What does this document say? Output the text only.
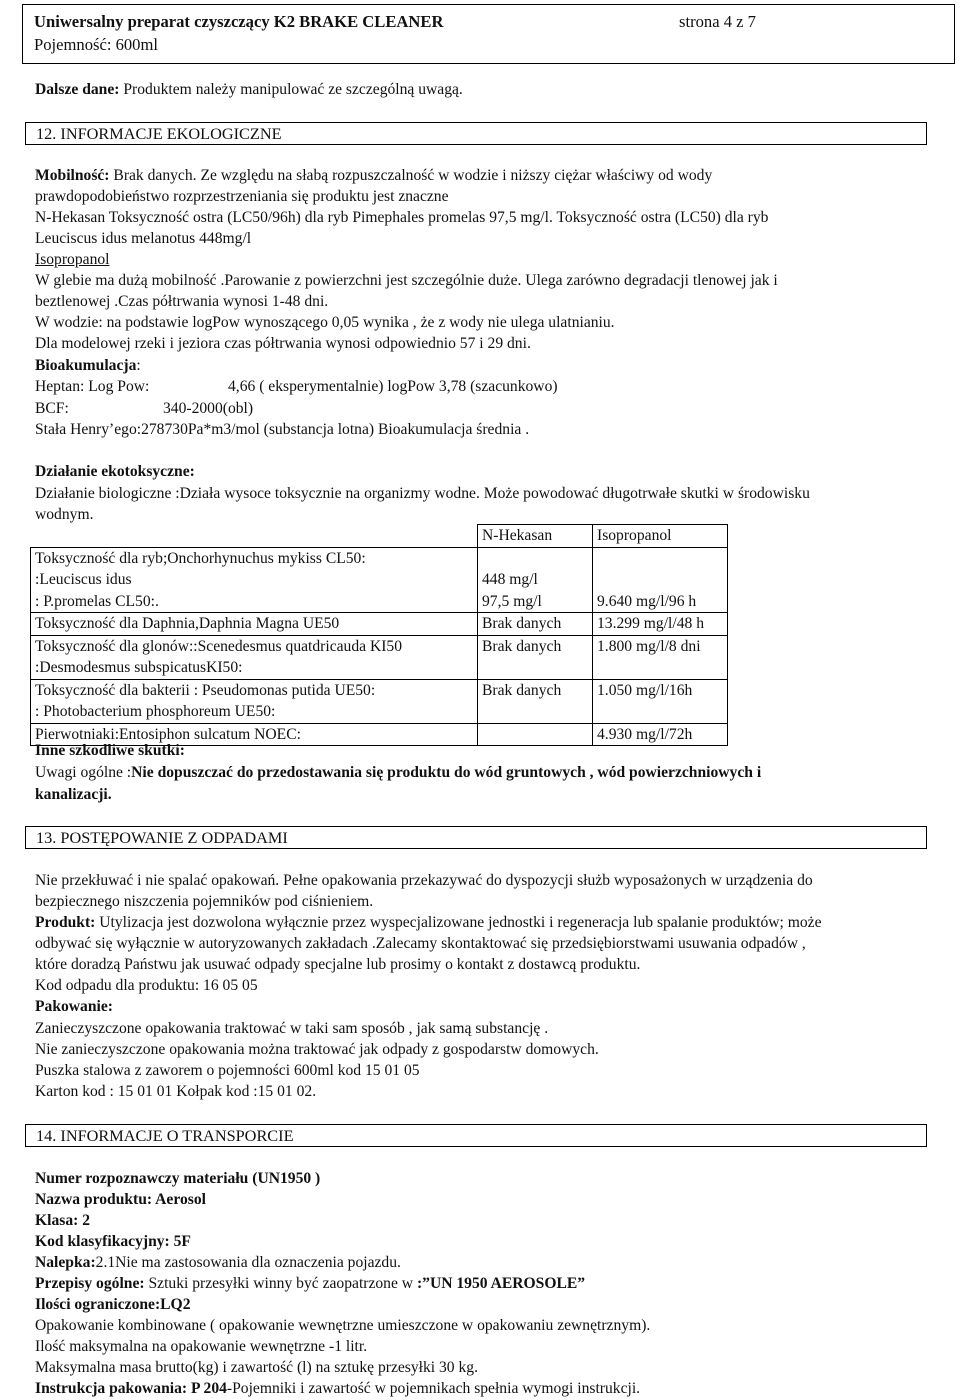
Uniwersalny preparat czyszczący K2 BRAKE CLEANER	strona 4 z 7
Pojemność: 600ml
Dalsze dane: Produktem należy manipulować ze szczególną uwagą.
12. INFORMACJE EKOLOGICZNE
Mobilność: Brak danych. Ze względu na słabą rozpuszczalność w wodzie i niższy ciężar właściwy od wody
prawdopodobieństwo rozprzestrzeniania się produktu jest znaczne
N-Hekasan Toksyczność ostra (LC50/96h) dla ryb Pimephales promelas 97,5 mg/l. Toksyczność ostra (LC50) dla ryb
Leuciscus idus melanotus 448mg/l
Isopropanol
W glebie ma dużą mobilność .Parowanie z powierzchni jest szczególnie duże. Ulega zarówno degradacji tlenowej jak i
beztlenowej .Czas półtrwania wynosi 1-48 dni.
W wodzie: na podstawie logPow wynoszącego 0,05 wynika , że z wody nie ulega ulatnianiu.
Dla modelowej rzeki i jeziora czas półtrwania wynosi odpowiednio 57 i 29 dni.
Bioakumulacja:
Heptan: Log Pow:	4,66 ( eksperymentalnie) logPow 3,78 (szacunkowo)
BCF:	340-2000(obl)
Stała Henry’ego:278730Pa*m3/mol (substancja lotna) Bioakumulacja średnia .
Działanie ekotoksyczne:
Działanie biologiczne :Działa wysoce toksycznie na organizmy wodne. Może powodować długotrwałe skutki w środowisku
wodnym.
	N-Hekasan	Isopropanol
Toksyczność dla ryb;Onchorhynuchus mykiss CL50:		
:Leuciscus idus	448 mg/l	
: P.promelas CL50:.	97,5 mg/l	9.640 mg/l/96 h
Toksyczność dla Daphnia,Daphnia Magna UE50	Brak danych	13.299 mg/l/48 h
Toksyczność dla glonów::Scenedesmus quatdricauda KI50	Brak danych	1.800 mg/l/8 dni
:Desmodesmus subspicatusKI50:		
Toksyczność dla bakterii : Pseudomonas putida UE50:	Brak danych	1.050 mg/l/16h
: Photobacterium phosphoreum UE50:		
Pierwotniaki:Entosiphon sulcatum NOEC:		4.930 mg/l/72h
Inne szkodliwe skutki:
Uwagi ogólne :Nie dopuszczać do przedostawania się produktu do wód gruntowych , wód powierzchniowych i
kanalizacji.
13. POSTĘPOWANIE Z ODPADAMI
Nie przekłuwać i nie spalać opakowań. Pełne opakowania przekazywać do dyspozycji służb wyposażonych w urządzenia do
bezpiecznego niszczenia pojemników pod ciśnieniem.
Produkt: Utylizacja jest dozwolona wyłącznie przez wyspecjalizowane jednostki i regeneracja lub spalanie produktów; może
odbywać się wyłącznie w autoryzowanych zakładach .Zalecamy skontaktować się przedsiębiorstwami usuwania odpadów ,
które doradzą Państwu jak usuwać odpady specjalne lub prosimy o kontakt z dostawcą produktu.
Kod odpadu dla produktu: 16 05 05
Pakowanie:
Zanieczyszczone opakowania traktować w taki sam sposób , jak samą substancję .
Nie zanieczyszczone opakowania można traktować jak odpady z gospodarstw domowych.
Puszka stalowa z zaworem o pojemności 600ml kod 15 01 05
Karton kod : 15 01 01 Kołpak kod :15 01 02.
14. INFORMACJE O TRANSPORCIE
Numer rozpoznawczy materiału (UN1950 )
Nazwa produktu: Aerosol
Klasa: 2
Kod klasyfikacyjny: 5F
Nalepka:2.1Nie ma zastosowania dla oznaczenia pojazdu.
Przepisy ogólne: Sztuki przesyłki winny być zaopatrzone w :”UN 1950 AEROSOLE”
Ilości ograniczone:LQ2
Opakowanie kombinowane ( opakowanie wewnętrzne umieszczone w opakowaniu zewnętrznym).
Ilość maksymalna na opakowanie wewnętrzne -1 litr.
Maksymalna masa brutto(kg) i zawartość (l) na sztukę przesyłki 30 kg.
Instrukcja pakowania: P 204-Pojemniki i zawartość w pojemnikach spełnia wymogi instrukcji.
